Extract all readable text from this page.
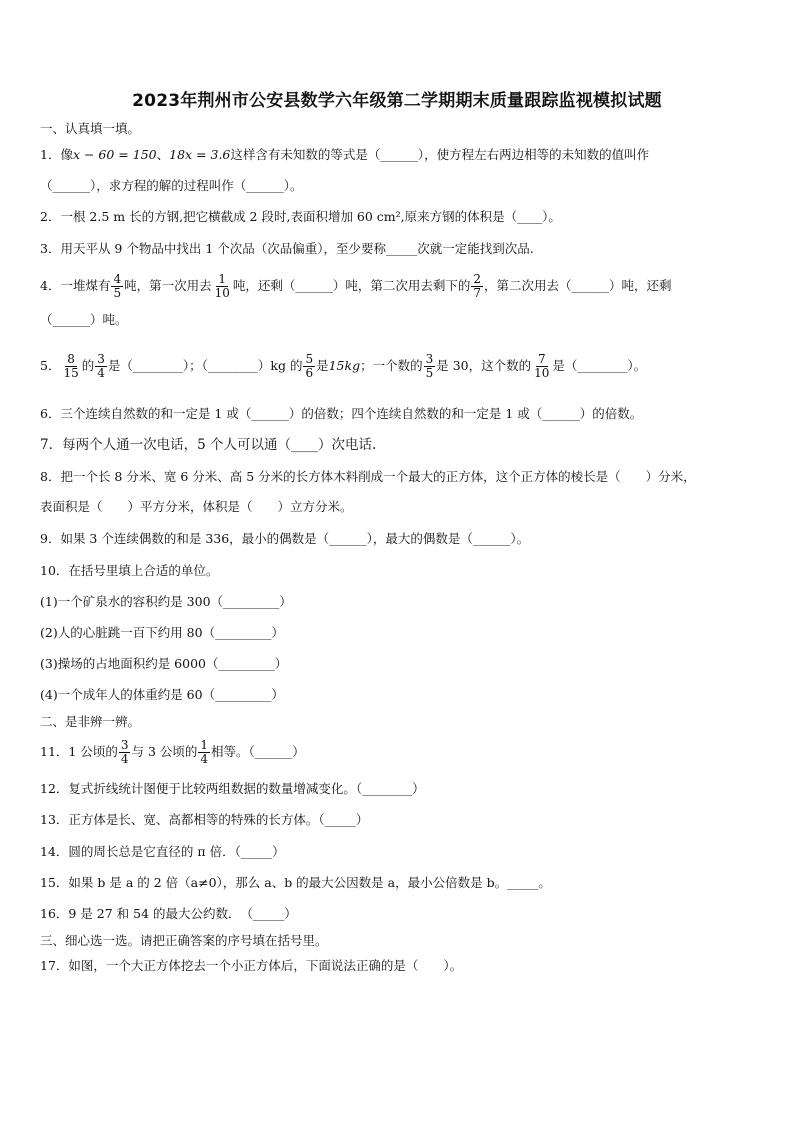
2023年荆州市公安县数学六年级第二学期期末质量跟踪监视模拟试题
一、认真填一填。
1．像x − 60 = 150、18x = 3.6这样含有未知数的等式是（______），使方程左右两边相等的未知数的值叫作
（______），求方程的解的过程叫作（______）。
2．一根 2.5 m 长的方钢,把它横截成 2 段时,表面积增加 60 cm²,原来方钢的体积是（____）。
3．用天平从 9 个物品中找出 1 个次品（次品偏重），至少要称_____次就一定能找到次品.
4．一堆煤有 $\frac{4}{5}$ 吨，第一次用去 $\frac{1}{10}$ 吨，还剩（______）吨，第二次用去剩下的 $\frac{2}{7}$ ，第二次用去（______）吨，还剩
（______）吨。
5． $\frac{8}{15}$ 的 $\frac{3}{4}$ 是（________）；（________）kg 的 $\frac{5}{6}$ 是15kg；一个数的 $\frac{3}{5}$ 是 30，这个数的 $\frac{7}{10}$ 是（________）。
6．三个连续自然数的和一定是 1 或（______）的倍数；四个连续自然数的和一定是 1 或（______）的倍数。
7．每两个人通一次电话，5 个人可以通（____）次电话.
8．把一个长 8 分米、宽 6 分米、高 5 分米的长方体木料削成一个最大的正方体，这个正方体的棱长是（　　）分米，
表面积是（　　）平方分米，体积是（　　）立方分米。
9．如果 3 个连续偶数的和是 336，最小的偶数是（______），最大的偶数是（______）。
10．在括号里填上合适的单位。
(1)一个矿泉水的容积约是 300（_________）
(2)人的心脏跳一百下约用 80（_________）
(3)操场的占地面积约是 6000（_________）
(4)一个成年人的体重约是 60（_________）
二、是非辨一辨。
11．1 公顷的 $\frac{3}{4}$ 与 3 公顷的 $\frac{1}{4}$ 相等。（______）
12．复式折线统计图便于比较两组数据的数量增减变化。（________）
13．正方体是长、宽、高都相等的特殊的长方体。（_____）
14．圆的周长总是它直径的 π 倍．（_____）
15．如果 b 是 a 的 2 倍（a≠0），那么 a、b 的最大公因数是 a，最小公倍数是 b。_____。
16．9 是 27 和 54 的最大公约数．　（_____）
三、细心选一选。请把正确答案的序号填在括号里。
17．如图，一个大正方体挖去一个小正方体后，下面说法正确的是（　　）。
